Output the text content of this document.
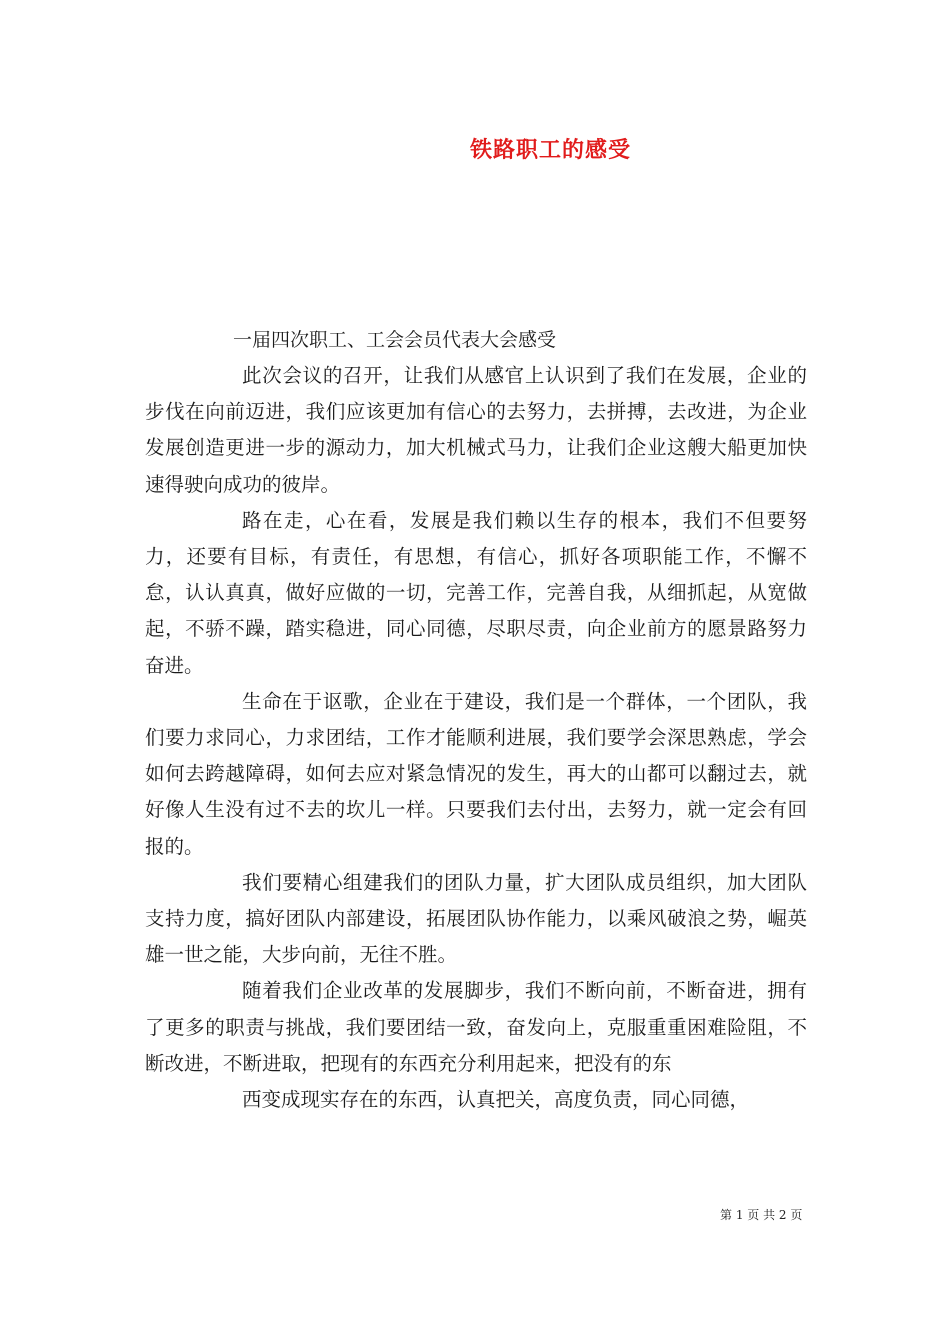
铁路职工的感受
一届四次职工、工会会员代表大会感受

此次会议的召开，让我们从感官上认识到了我们在发展，企业的步伐在向前迈进，我们应该更加有信心的去努力，去拼搏，去改进，为企业发展创造更进一步的源动力，加大机械式马力，让我们企业这艘大船更加快速得驶向成功的彼岸。

路在走，心在看，发展是我们赖以生存的根本，我们不但要努力，还要有目标，有责任，有思想，有信心，抓好各项职能工作，不懈不怠，认认真真，做好应做的一切，完善工作，完善自我，从细抓起，从宽做起，不骄不躁，踏实稳进，同心同德，尽职尽责，向企业前方的愿景路努力奋进。

生命在于讴歌，企业在于建设，我们是一个群体，一个团队，我们要力求同心，力求团结，工作才能顺利进展，我们要学会深思熟虑，学会如何去跨越障碍，如何去应对紧急情况的发生，再大的山都可以翻过去，就好像人生没有过不去的坎儿一样。只要我们去付出，去努力，就一定会有回报的。

我们要精心组建我们的团队力量，扩大团队成员组织，加大团队支持力度，搞好团队内部建设，拓展团队协作能力，以乘风破浪之势，崛英雄一世之能，大步向前，无往不胜。

随着我们企业改革的发展脚步，我们不断向前，不断奋进，拥有了更多的职责与挑战，我们要团结一致，奋发向上，克服重重困难险阻，不断改进，不断进取，把现有的东西充分利用起来，把没有的东

西变成现实存在的东西，认真把关，高度负责，同心同德，

第 1 页 共 2 页
